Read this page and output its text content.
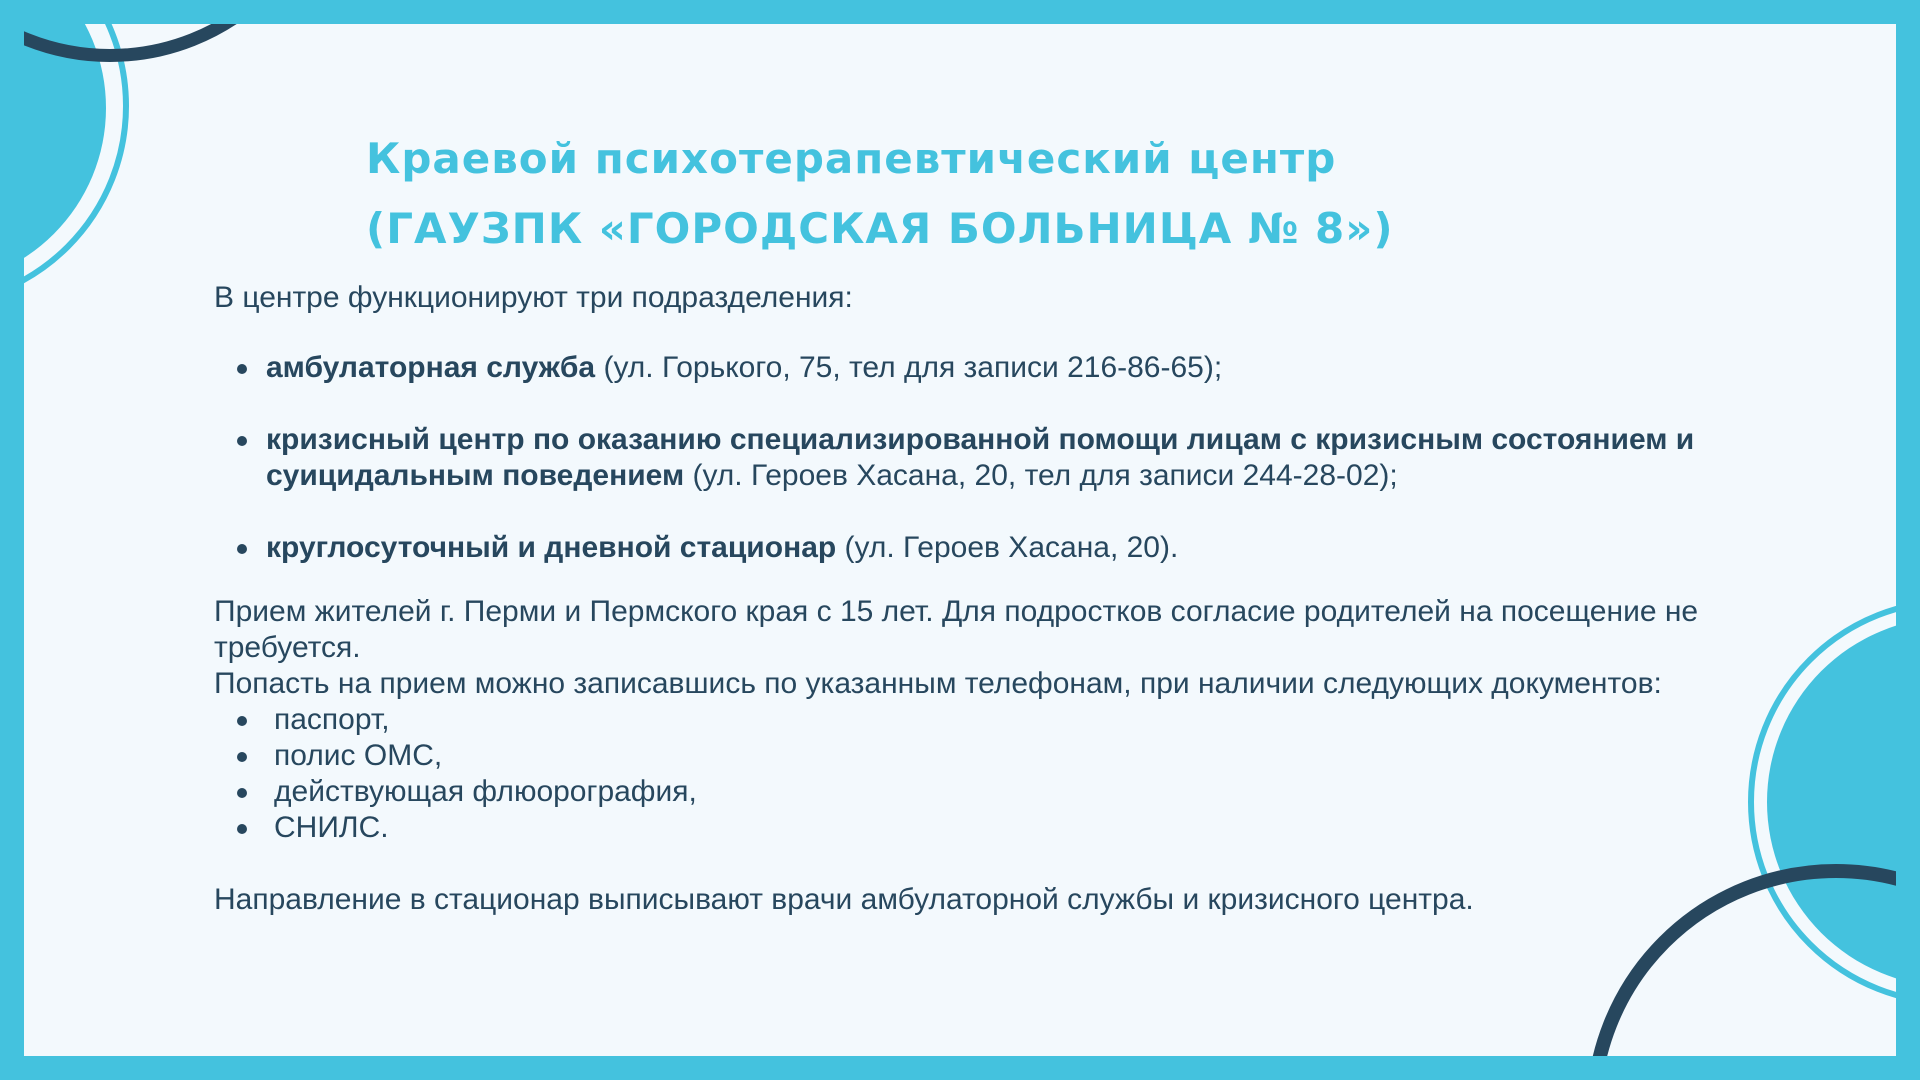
Краевой психотерапевтический центр
(ГАУЗПК «ГОРОДСКАЯ БОЛЬНИЦА № 8»)

В центре функционируют три подразделения:

амбулаторная служба (ул. Горького, 75, тел для записи 216-86-65);
кризисный центр по оказанию специализированной помощи лицам с кризисным состоянием и суицидальным поведением (ул. Героев Хасана, 20, тел для записи 244-28-02);
круглосуточный и дневной стационар (ул. Героев Хасана, 20).

Прием жителей г. Перми и Пермского края с 15 лет. Для подростков согласие родителей на посещение не требуется.

Попасть на прием можно записавшись по указанным телефонам, при наличии следующих документов:

паспорт,
полис ОМС,
действующая флюорография,
СНИЛС.

Направление в стационар выписывают врачи амбулаторной службы и кризисного центра.
